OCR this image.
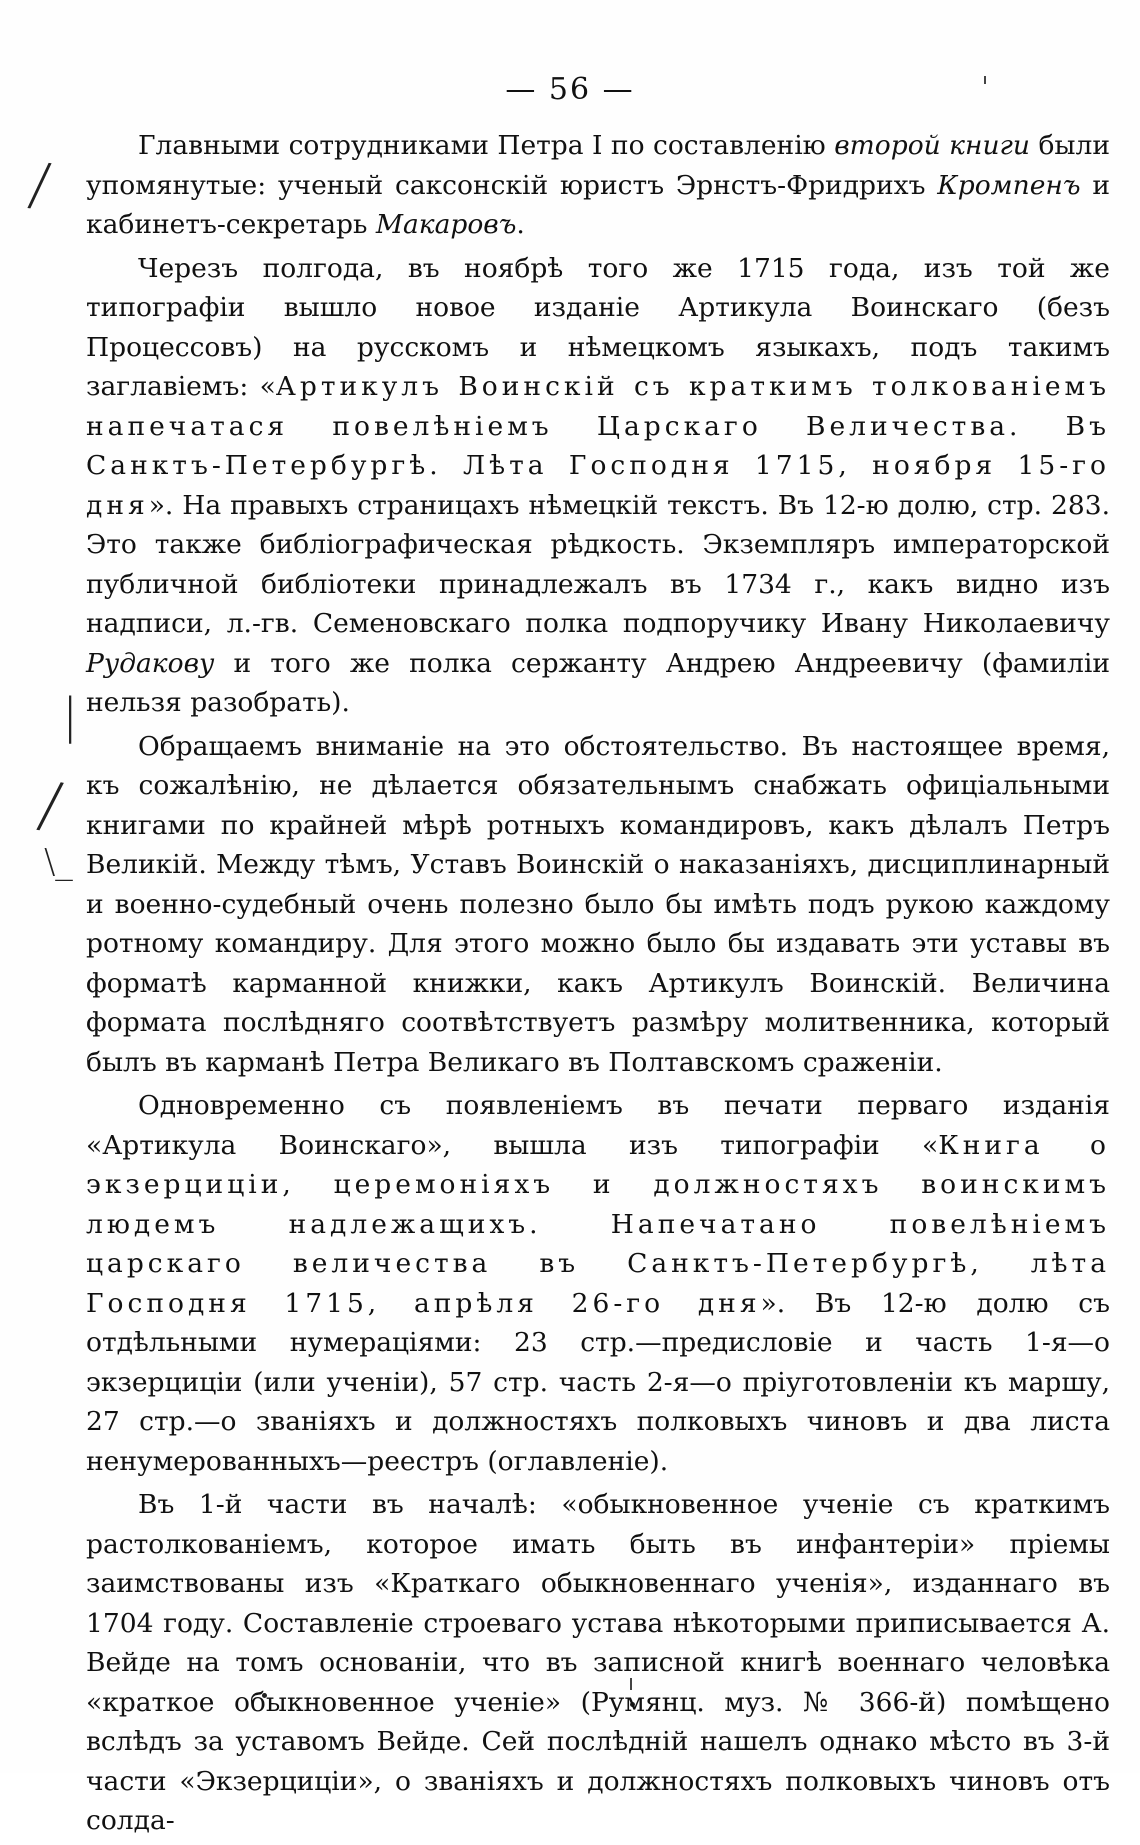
— 56 —
/
|
/
\_

Главными сотрудниками Петра I по составленію второй книги были упомянутые: ученый саксонскій юристъ Эрнстъ-Фридрихъ Кромпенъ и кабинетъ-секретарь Макаровъ.

Черезъ полгода, въ ноябрѣ того же 1715 года, изъ той же типографіи вышло новое изданіе Артикула Воинскаго (безъ Процессовъ) на русскомъ и нѣмецкомъ языкахъ, подъ такимъ заглавіемъ: «Артикулъ Воинскій съ краткимъ толкованіемъ напечатася повелѣніемъ Царскаго Величества. Въ Санктъ-Петербургѣ. Лѣта Господня 1715, ноября 15-го дня». На правыхъ страницахъ нѣмецкій текстъ. Въ 12-ю долю, стр. 283. Это также библіографическая рѣдкость. Экземпляръ императорской публичной библіотеки принадлежалъ въ 1734 г., какъ видно изъ надписи, л.-гв. Семеновскаго полка подпоручику Ивану Николаевичу Рудакову и того же полка сержанту Андрею Андреевичу (фамиліи нельзя разобрать).

Обращаемъ вниманіе на это обстоятельство. Въ настоящее время, къ сожалѣнію, не дѣлается обязательнымъ снабжать офиціальными книгами по крайней мѣрѣ ротныхъ командировъ, какъ дѣлалъ Петръ Великій. Между тѣмъ, Уставъ Воинскій о наказаніяхъ, дисциплинарный и военно-судебный очень полезно было бы имѣть подъ рукою каждому ротному командиру. Для этого можно было бы издавать эти уставы въ форматѣ карманной книжки, какъ Артикулъ Воинскій. Величина формата послѣдняго соотвѣтствуетъ размѣру молитвенника, который былъ въ карманѣ Петра Великаго въ Полтавскомъ сраженіи.

Одновременно съ появленіемъ въ печати перваго изданія «Артикула Воинскаго», вышла изъ типографіи «Книга о экзерциціи, церемоніяхъ и должностяхъ воинскимъ людемъ надлежащихъ. Напечатано повелѣніемъ царскаго величества въ Санктъ-Петербургѣ, лѣта Господня 1715, апрѣля 26-го дня». Въ 12-ю долю съ отдѣльными нумераціями: 23 стр.—предисловіе и часть 1-я—о экзерциціи (или ученіи), 57 стр. часть 2-я—о пріуготовленіи къ маршу, 27 стр.—о званіяхъ и должностяхъ полковыхъ чиновъ и два листа ненумерованныхъ—реестръ (оглавленіе).

Въ 1-й части въ началѣ: «обыкновенное ученіе съ краткимъ растолкованіемъ, которое имать быть въ инфантеріи» пріемы заимствованы изъ «Краткаго обыкновеннаго ученія», изданнаго въ 1704 году. Составленіе строеваго устава нѣкоторыми приписывается А. Вейде на томъ основаніи, что въ записной книгѣ военнаго человѣка «краткое обыкновенное ученіе» (Румянц. муз. № 366-й) помѣщено вслѣдъ за уставомъ Вейде. Сей послѣдній нашелъ однако мѣсто въ 3-й части «Экзерциціи», о званіяхъ и должностяхъ полковыхъ чиновъ отъ солда-
